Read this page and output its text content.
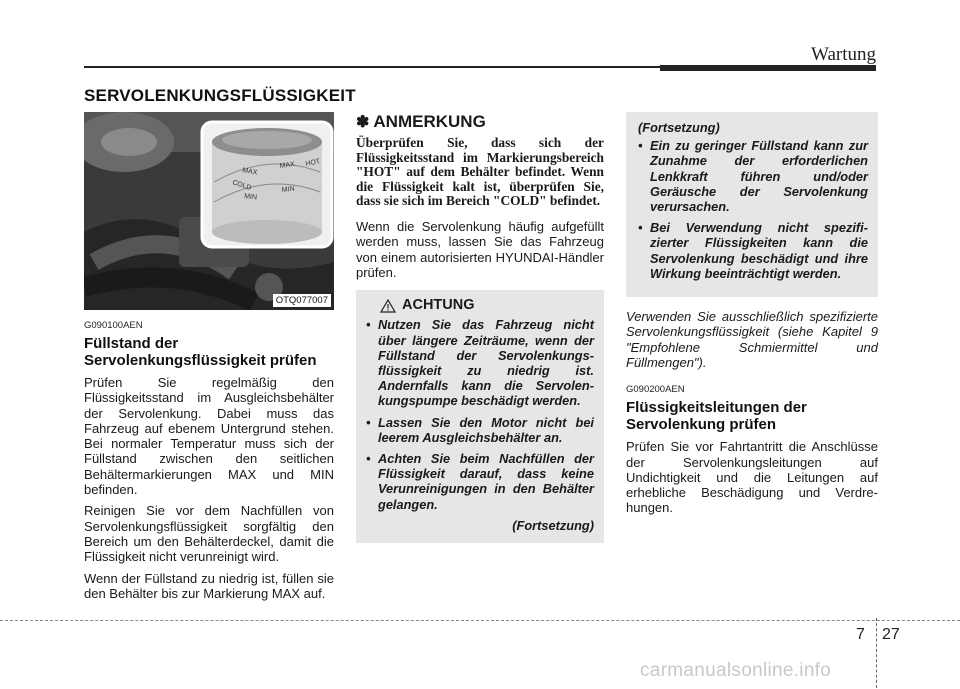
Wartung
SERVOLENKUNGSFLÜSSIGKEIT
COLD
MAX
MIN
MAX HOT
MIN
OTQ077007
G090100AEN
Füllstand der Servolenkungsflüssigkeit prüfen

Prüfen Sie regelmäßig den Flüssigkeitsstand im Ausgleichsbehälter der Servolenkung. Dabei muss das Fahrzeug auf ebenem Untergrund stehen. Bei normaler Temperatur muss sich der Füllstand zwischen den seitlichen Behältermarkierungen MAX und MIN befinden.

Reinigen Sie vor dem Nachfüllen von Servolenkungsflüssigkeit sorgfältig den Bereich um den Behälterdeckel, damit die Flüssigkeit nicht verunreinigt wird.

Wenn der Füllstand zu niedrig ist, füllen sie den Behälter bis zur Markierung MAX auf.

✽ ANMERKUNG

Überprüfen Sie, dass sich der Flüssigkeitsstand im Markierungsbereich "HOT" auf dem Behälter befindet. Wenn die Flüssigkeit kalt ist, überprüfen Sie, dass sie sich im Bereich "COLD" befindet.

Wenn die Servolenkung häufig aufgefüllt werden muss, lassen Sie das Fahrzeug von einem autorisierten HYUNDAI-Händler prüfen.

ACHTUNG
• Nutzen Sie das Fahrzeug nicht über längere Zeiträume, wenn der Füllstand der Servolenkungs-flüssigkeit zu niedrig ist. Andernfalls kann die Servolen-kungspumpe beschädigt werden.
• Lassen Sie den Motor nicht bei leerem Ausgleichsbehälter an.
• Achten Sie beim Nachfüllen der Flüssigkeit darauf, dass keine Verunreinigungen in den Behälter gelangen.
(Fortsetzung)
(Fortsetzung)
• Ein zu geringer Füllstand kann zur Zunahme der erforderlichen Lenkkraft führen und/oder Geräusche der Servolenkung verursachen.
• Bei Verwendung nicht spezifi-zierter Flüssigkeiten kann die Servolenkung beschädigt und ihre Wirkung beeinträchtigt werden.

Verwenden Sie ausschließlich spezifizierte Servolenkungsflüssigkeit (siehe Kapitel 9 "Empfohlene Schmiermittel und Füllmengen").

G090200AEN
Flüssigkeitsleitungen der Servolenkung prüfen

Prüfen Sie vor Fahrtantritt die Anschlüsse der Servolenkungsleitungen auf Undichtigkeit und die Leitungen auf erhebliche Beschädigung und Verdre-hungen.

7 27
carmanualsonline.info
